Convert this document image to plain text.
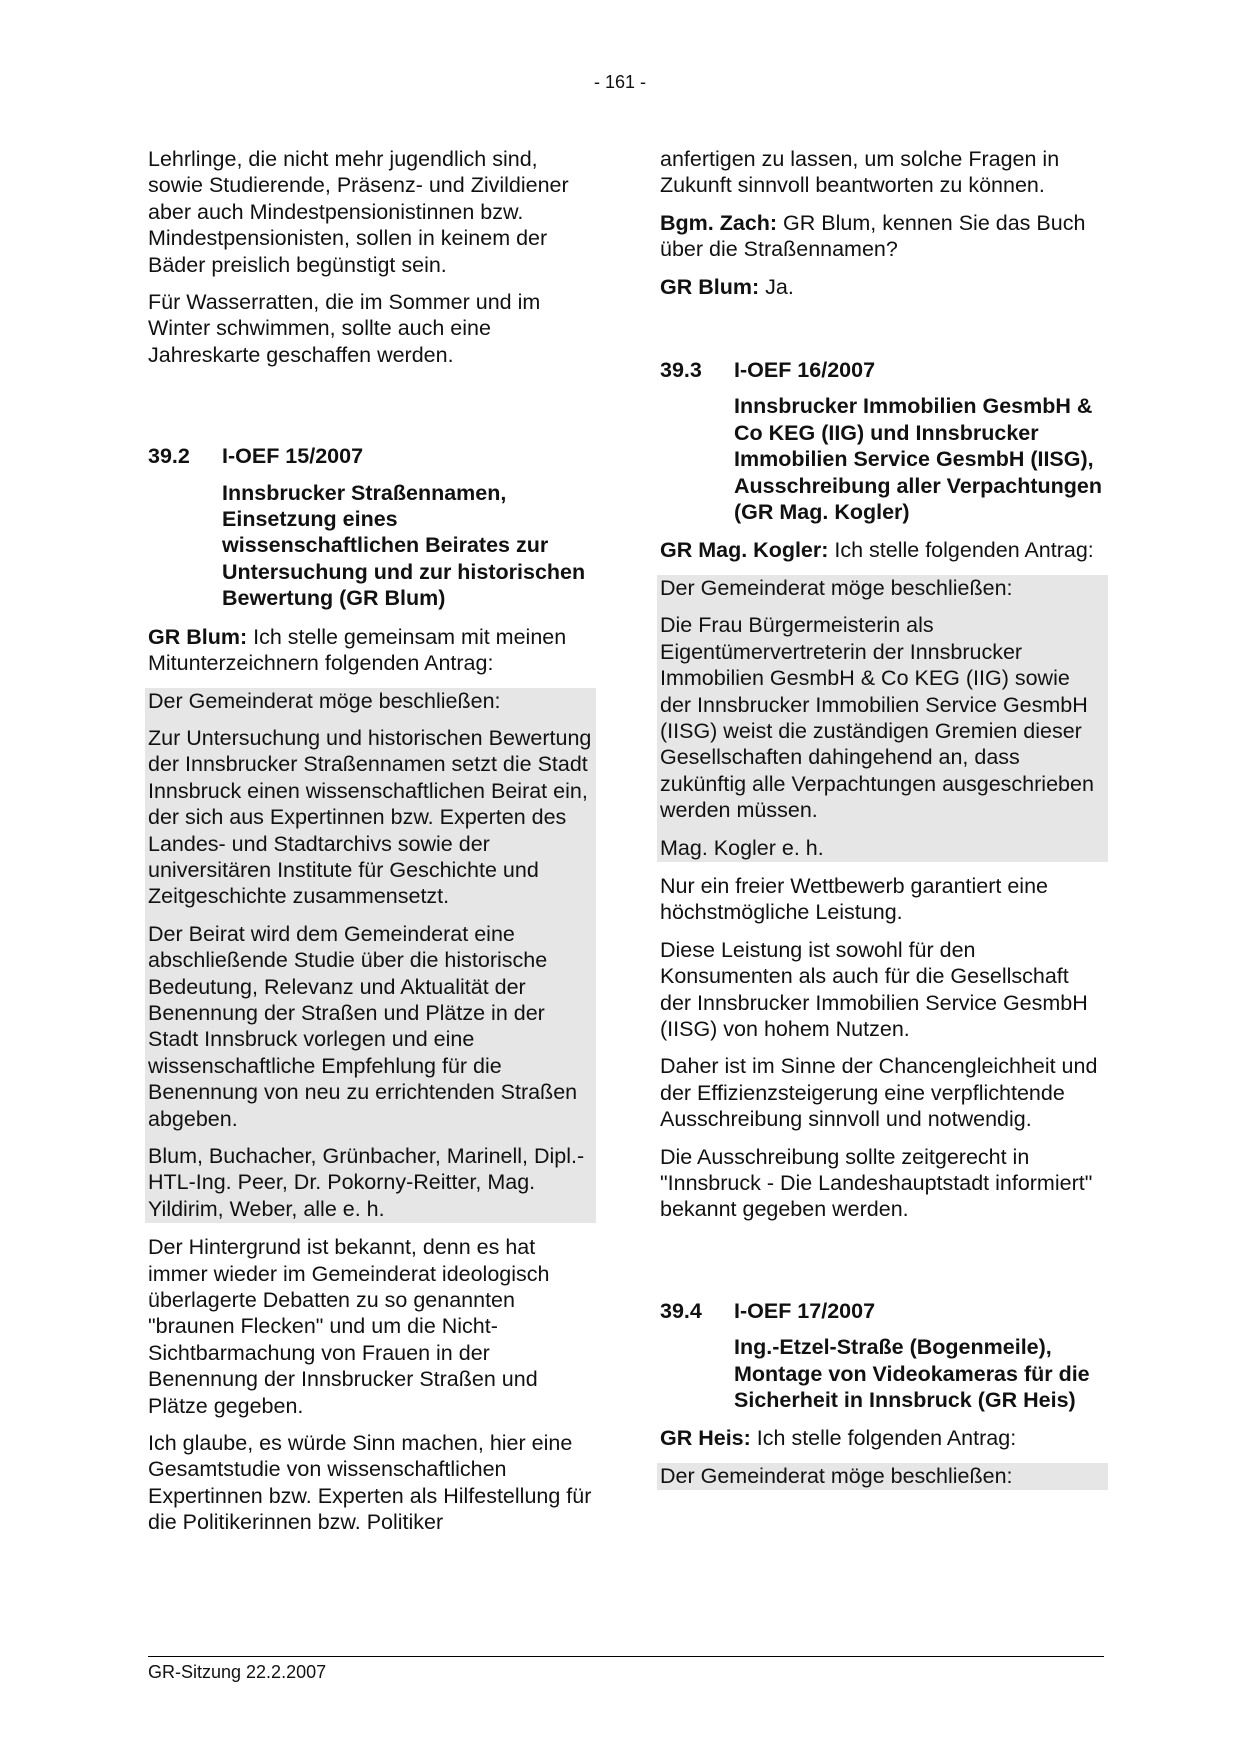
- 161 -

Lehrlinge, die nicht mehr jugendlich sind, sowie Studierende, Präsenz- und Zivildiener aber auch Mindestpensionistinnen bzw. Mindestpensionisten, sollen in keinem der Bäder preislich begünstigt sein.

Für Wasserratten, die im Sommer und im Winter schwimmen, sollte auch eine Jahreskarte geschaffen werden.

39.2 I-OEF 15/2007
Innsbrucker Straßennamen, Einsetzung eines wissenschaftlichen Beirates zur Untersuchung und zur historischen Bewertung (GR Blum)

GR Blum: Ich stelle gemeinsam mit meinen Mitunterzeichnern folgenden Antrag:

Der Gemeinderat möge beschließen:

Zur Untersuchung und historischen Bewertung der Innsbrucker Straßennamen setzt die Stadt Innsbruck einen wissenschaftlichen Beirat ein, der sich aus Expertinnen bzw. Experten des Landes- und Stadtarchivs sowie der universitären Institute für Geschichte und Zeitgeschichte zusammensetzt.

Der Beirat wird dem Gemeinderat eine abschließende Studie über die historische Bedeutung, Relevanz und Aktualität der Benennung der Straßen und Plätze in der Stadt Innsbruck vorlegen und eine wissenschaftliche Empfehlung für die Benennung von neu zu errichtenden Straßen abgeben.

Blum, Buchacher, Grünbacher, Marinell, Dipl.-HTL-Ing. Peer, Dr. Pokorny-Reitter, Mag. Yildirim, Weber, alle e. h.

Der Hintergrund ist bekannt, denn es hat immer wieder im Gemeinderat ideologisch überlagerte Debatten zu so genannten "braunen Flecken" und um die Nicht-Sichtbarmachung von Frauen in der Benennung der Innsbrucker Straßen und Plätze gegeben.

Ich glaube, es würde Sinn machen, hier eine Gesamtstudie von wissenschaftlichen Expertinnen bzw. Experten als Hilfestellung für die Politikerinnen bzw. Politiker

anfertigen zu lassen, um solche Fragen in Zukunft sinnvoll beantworten zu können.

Bgm. Zach: GR Blum, kennen Sie das Buch über die Straßennamen?

GR Blum: Ja.

39.3 I-OEF 16/2007
Innsbrucker Immobilien GesmbH & Co KEG (IIG) und Innsbrucker Immobilien Service GesmbH (IISG), Ausschreibung aller Verpachtungen (GR Mag. Kogler)

GR Mag. Kogler: Ich stelle folgenden Antrag:

Der Gemeinderat möge beschließen:

Die Frau Bürgermeisterin als Eigentümervertreterin der Innsbrucker Immobilien GesmbH & Co KEG (IIG) sowie der Innsbrucker Immobilien Service GesmbH (IISG) weist die zuständigen Gremien dieser Gesellschaften dahingehend an, dass zukünftig alle Verpachtungen ausgeschrieben werden müssen.

Mag. Kogler e. h.

Nur ein freier Wettbewerb garantiert eine höchstmögliche Leistung.

Diese Leistung ist sowohl für den Konsumenten als auch für die Gesellschaft der Innsbrucker Immobilien Service GesmbH (IISG) von hohem Nutzen.

Daher ist im Sinne der Chancengleichheit und der Effizienzsteigerung eine verpflichtende Ausschreibung sinnvoll und notwendig.

Die Ausschreibung sollte zeitgerecht in "Innsbruck - Die Landeshauptstadt informiert" bekannt gegeben werden.

39.4 I-OEF 17/2007
Ing.-Etzel-Straße (Bogenmeile), Montage von Videokameras für die Sicherheit in Innsbruck (GR Heis)

GR Heis: Ich stelle folgenden Antrag:

Der Gemeinderat möge beschließen:

GR-Sitzung 22.2.2007
